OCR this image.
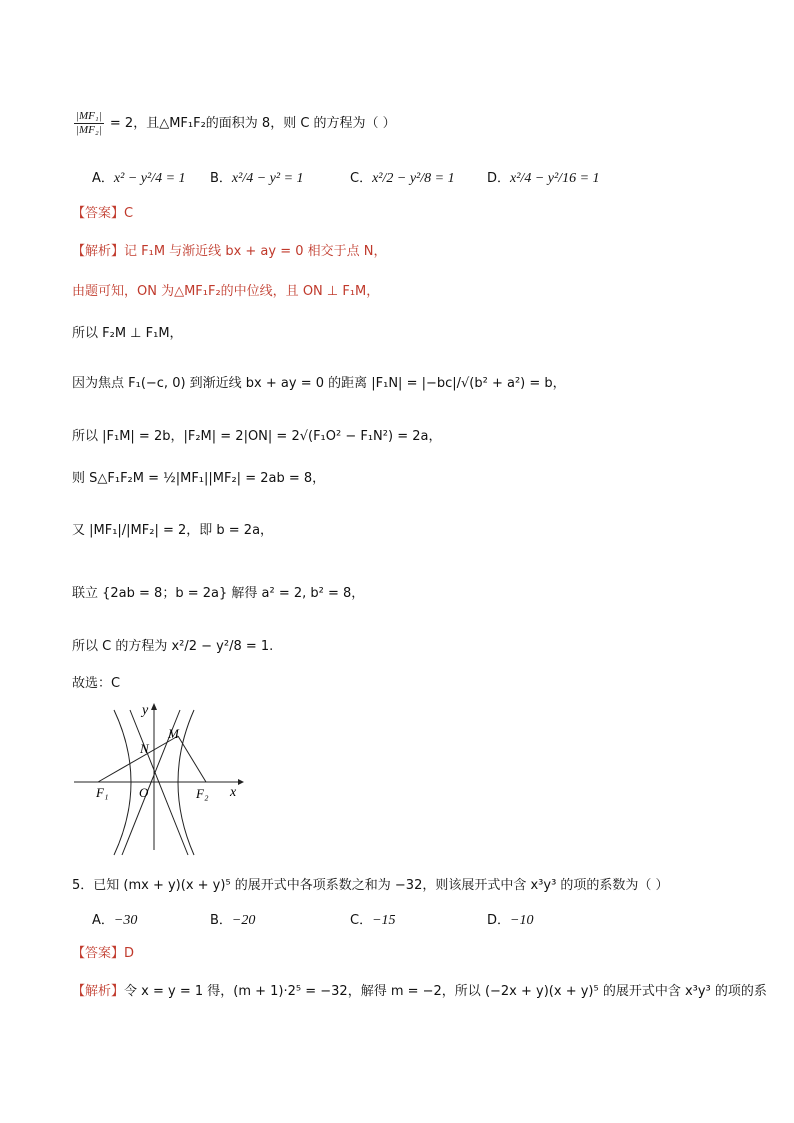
$\frac{\text{|MF₁|}}{\text{|MF₂|}} = 2$，且△MF₁F₂的面积为 8，则 C 的方程为（ ）
A．x² − y²/4 = 1 B．x²/4 − y² = 1	C．x²/2 − y²/8 = 1 D．x²/4 − y²/16 = 1
【答案】C
【解析】记 F₁M 与渐近线 bx + ay = 0 相交于点 N，
由题可知，ON 为△MF₁F₂的中位线，且 ON ⊥ F₁M，
所以 F₂M ⊥ F₁M，
因为焦点 F₁(−c, 0) 到渐近线 bx + ay = 0 的距离 |F₁N| = |−bc|/√(b² + a²) = b，
所以 |F₁M| = 2b，|F₂M| = 2|ON| = 2√(F₁O² − F₁N²) = 2a，
则 S△F₁F₂M = ½|MF₁||MF₂| = 2ab = 8，
又 |MF₁|/|MF₂| = 2，即 b = 2a，
联立 {2ab = 8；b = 2a} 解得 a² = 2, b² = 8，
所以 C 的方程为 x²/2 − y²/8 = 1.
故选：C
y
M
N
F₁ O	F₂ x
5．已知 (mx + y)(x + y)⁵ 的展开式中各项系数之和为 −32，则该展开式中含 x³y³ 的项的系数为（ ）
A．−30	B．−20	C．−15	D．−10
【答案】D
【解析】令 x = y = 1 得，(m + 1)·2⁵ = −32，解得 m = −2，所以 (−2x + y)(x + y)⁵ 的展开式中含 x³y³ 的项的系
